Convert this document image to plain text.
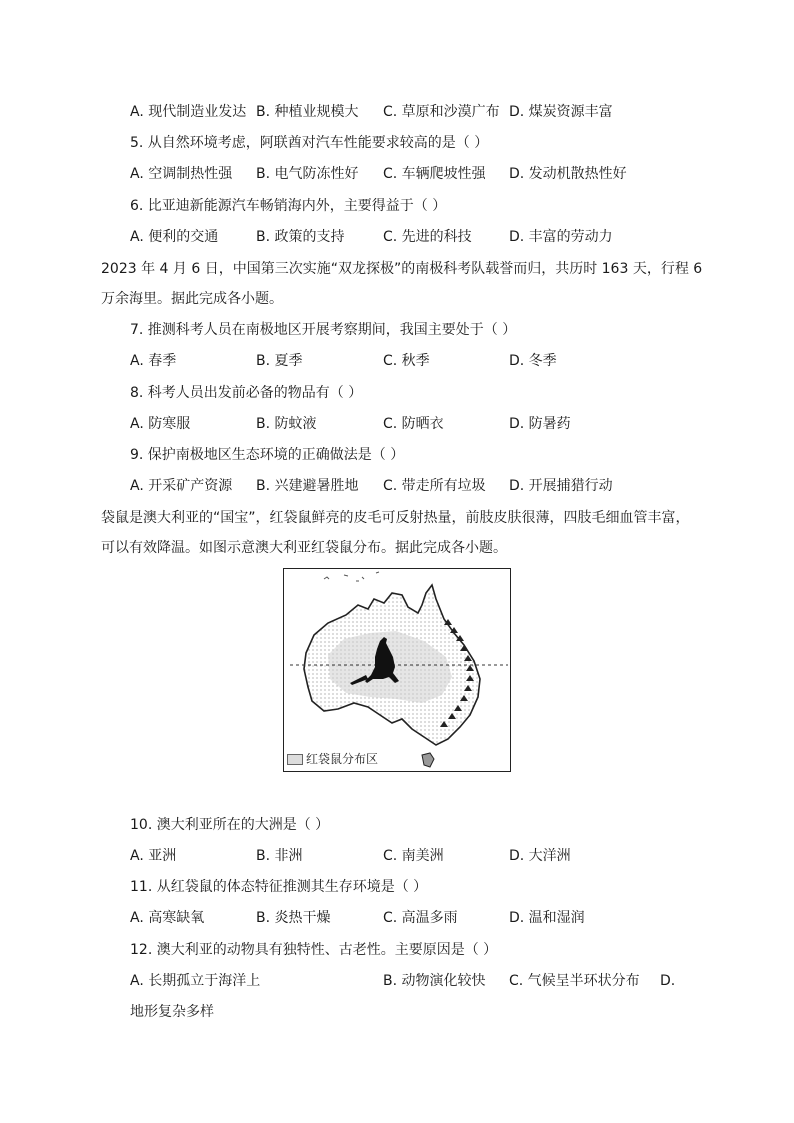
A. 现代制造业发达 B. 种植业规模大 C. 草原和沙漠广布 D. 煤炭资源丰富

5. 从自然环境考虑，阿联酋对汽车性能要求较高的是（ ）

A. 空调制热性强 B. 电气防冻性好 C. 车辆爬坡性强 D. 发动机散热性好

6. 比亚迪新能源汽车畅销海内外，主要得益于（ ）

A. 便利的交通	B. 政策的支持	C. 先进的科技	D. 丰富的劳动力

2023 年 4 月 6 日，中国第三次实施“双龙探极”的南极科考队载誉而归，共历时 163 天，行程 6

万余海里。据此完成各小题。

7. 推测科考人员在南极地区开展考察期间，我国主要处于（ ）

A. 春季	B. 夏季	C. 秋季	D. 冬季

8. 科考人员出发前必备的物品有（ ）

A. 防寒服	B. 防蚊液	C. 防晒衣	D. 防暑药

9. 保护南极地区生态环境的正确做法是（ ）

A. 开采矿产资源 B. 兴建避暑胜地 C. 带走所有垃圾 D. 开展捕猎行动

袋鼠是澳大利亚的“国宝”，红袋鼠鲜亮的皮毛可反射热量，前肢皮肤很薄，四肢毛细血管丰富，

可以有效降温。如图示意澳大利亚红袋鼠分布。据此完成各小题。

红袋鼠分布区

10. 澳大利亚所在的大洲是（ ）

A. 亚洲	B. 非洲	C. 南美洲	D. 大洋洲

11. 从红袋鼠的体态特征推测其生存环境是（ ）

A. 高寒缺氧	B. 炎热干燥	C. 高温多雨	D. 温和湿润

12. 澳大利亚的动物具有独特性、古老性。主要原因是（ ）

A. 长期孤立于海洋上	B. 动物演化较快 C. 气候呈半环状分布 D.

地形复杂多样
